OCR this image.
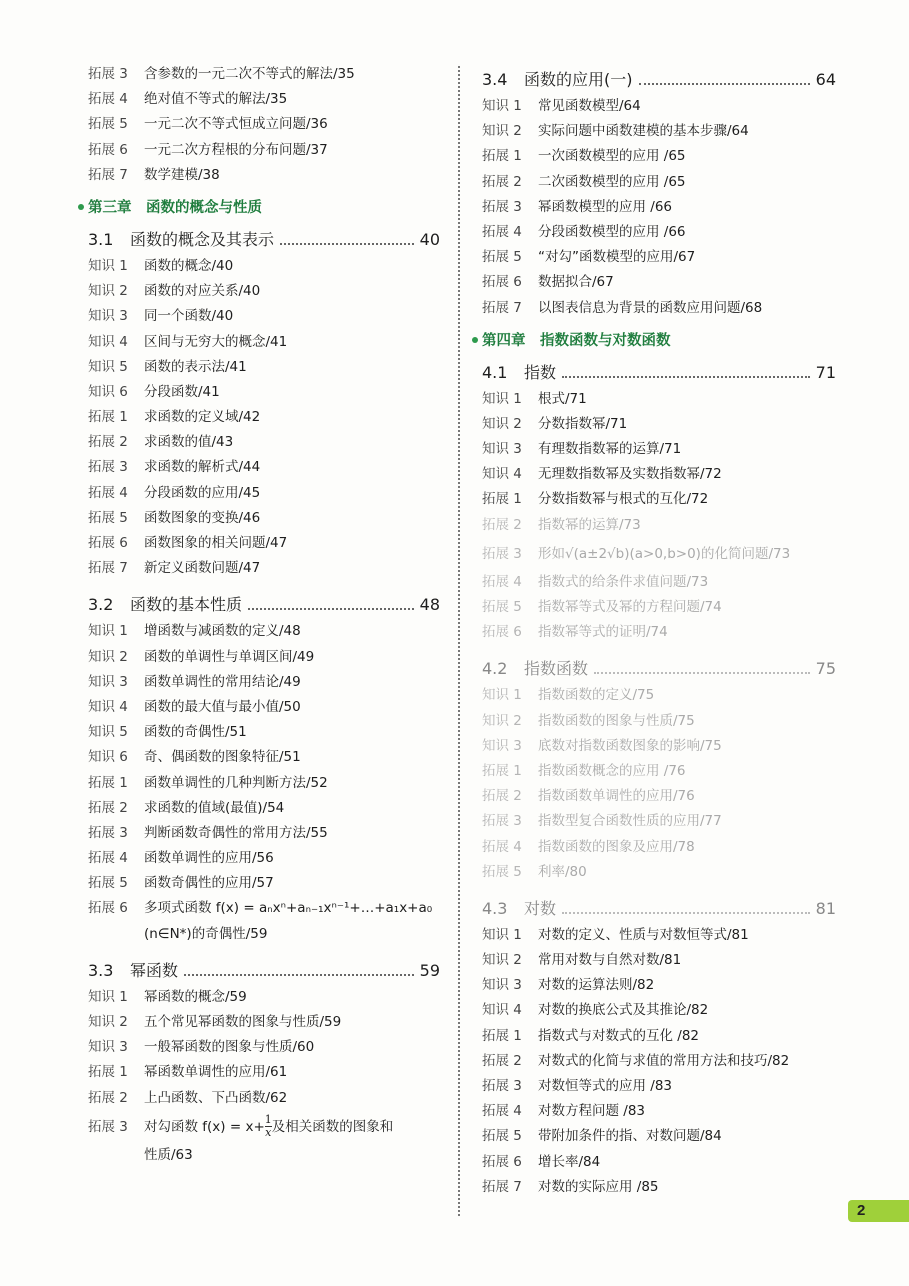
拓展 3 含参数的一元二次不等式的解法/35
拓展 4 绝对值不等式的解法/35
拓展 5 一元二次不等式恒成立问题/36
拓展 6 一元二次方程根的分布问题/37
拓展 7 数学建模/38
第三章　函数的概念与性质
3.1	函数的概念及其表示	40
知识 1 函数的概念/40
知识 2 函数的对应关系/40
知识 3 同一个函数/40
知识 4 区间与无穷大的概念/41
知识 5 函数的表示法/41
知识 6 分段函数/41
拓展 1 求函数的定义域/42
拓展 2 求函数的值/43
拓展 3 求函数的解析式/44
拓展 4 分段函数的应用/45
拓展 5 函数图象的变换/46
拓展 6 函数图象的相关问题/47
拓展 7 新定义函数问题/47
3.2	函数的基本性质	48
知识 1 增函数与减函数的定义/48
知识 2 函数的单调性与单调区间/49
知识 3 函数单调性的常用结论/49
知识 4 函数的最大值与最小值/50
知识 5 函数的奇偶性/51
知识 6 奇、偶函数的图象特征/51
拓展 1 函数单调性的几种判断方法/52
拓展 2 求函数的值域(最值)/54
拓展 3 判断函数奇偶性的常用方法/55
拓展 4 函数单调性的应用/56
拓展 5 函数奇偶性的应用/57
拓展 6 多项式函数 f(x) = aₙxⁿ+aₙ₋₁xⁿ⁻¹+…+a₁x+a₀
(n∈N*)的奇偶性/59
3.3	幂函数	59
知识 1 幂函数的概念/59
知识 2 五个常见幂函数的图象与性质/59
知识 3 一般幂函数的图象与性质/60
拓展 1 幂函数单调性的应用/61
拓展 2 上凸函数、下凸函数/62
拓展 3 对勾函数 $f(x) = x+ \frac{1}{x}$ 及相关函数的图象和
性质/63
3.4	函数的应用(一)	64
知识 1 常见函数模型/64
知识 2 实际问题中函数建模的基本步骤/64
拓展 1 一次函数模型的应用 /65
拓展 2 二次函数模型的应用 /65
拓展 3 幂函数模型的应用 /66
拓展 4 分段函数模型的应用 /66
拓展 5 “对勾”函数模型的应用/67
拓展 6 数据拟合/67
拓展 7 以图表信息为背景的函数应用问题/68
第四章　指数函数与对数函数
4.1	指数	71
知识 1 根式/71
知识 2 分数指数幂/71
知识 3 有理数指数幂的运算/71
知识 4 无理数指数幂及实数指数幂/72
拓展 1 分数指数幂与根式的互化/72
拓展 2 指数幂的运算/73
拓展 3 形如√(a±2√b)(a>0,b>0)的化简问题/73
拓展 4 指数式的给条件求值问题/73
拓展 5 指数幂等式及幂的方程问题/74
拓展 6 指数幂等式的证明/74
4.2	指数函数	75
知识 1 指数函数的定义/75
知识 2 指数函数的图象与性质/75
知识 3 底数对指数函数图象的影响/75
拓展 1 指数函数概念的应用 /76
拓展 2 指数函数单调性的应用/76
拓展 3 指数型复合函数性质的应用/77
拓展 4 指数函数的图象及应用/78
拓展 5 利率/80
4.3	对数	81
知识 1 对数的定义、性质与对数恒等式/81
知识 2 常用对数与自然对数/81
知识 3 对数的运算法则/82
知识 4 对数的换底公式及其推论/82
拓展 1 指数式与对数式的互化 /82
拓展 2 对数式的化简与求值的常用方法和技巧/82
拓展 3 对数恒等式的应用 /83
拓展 4 对数方程问题 /83
拓展 5 带附加条件的指、对数问题/84
拓展 6 增长率/84
拓展 7 对数的实际应用 /85
2
